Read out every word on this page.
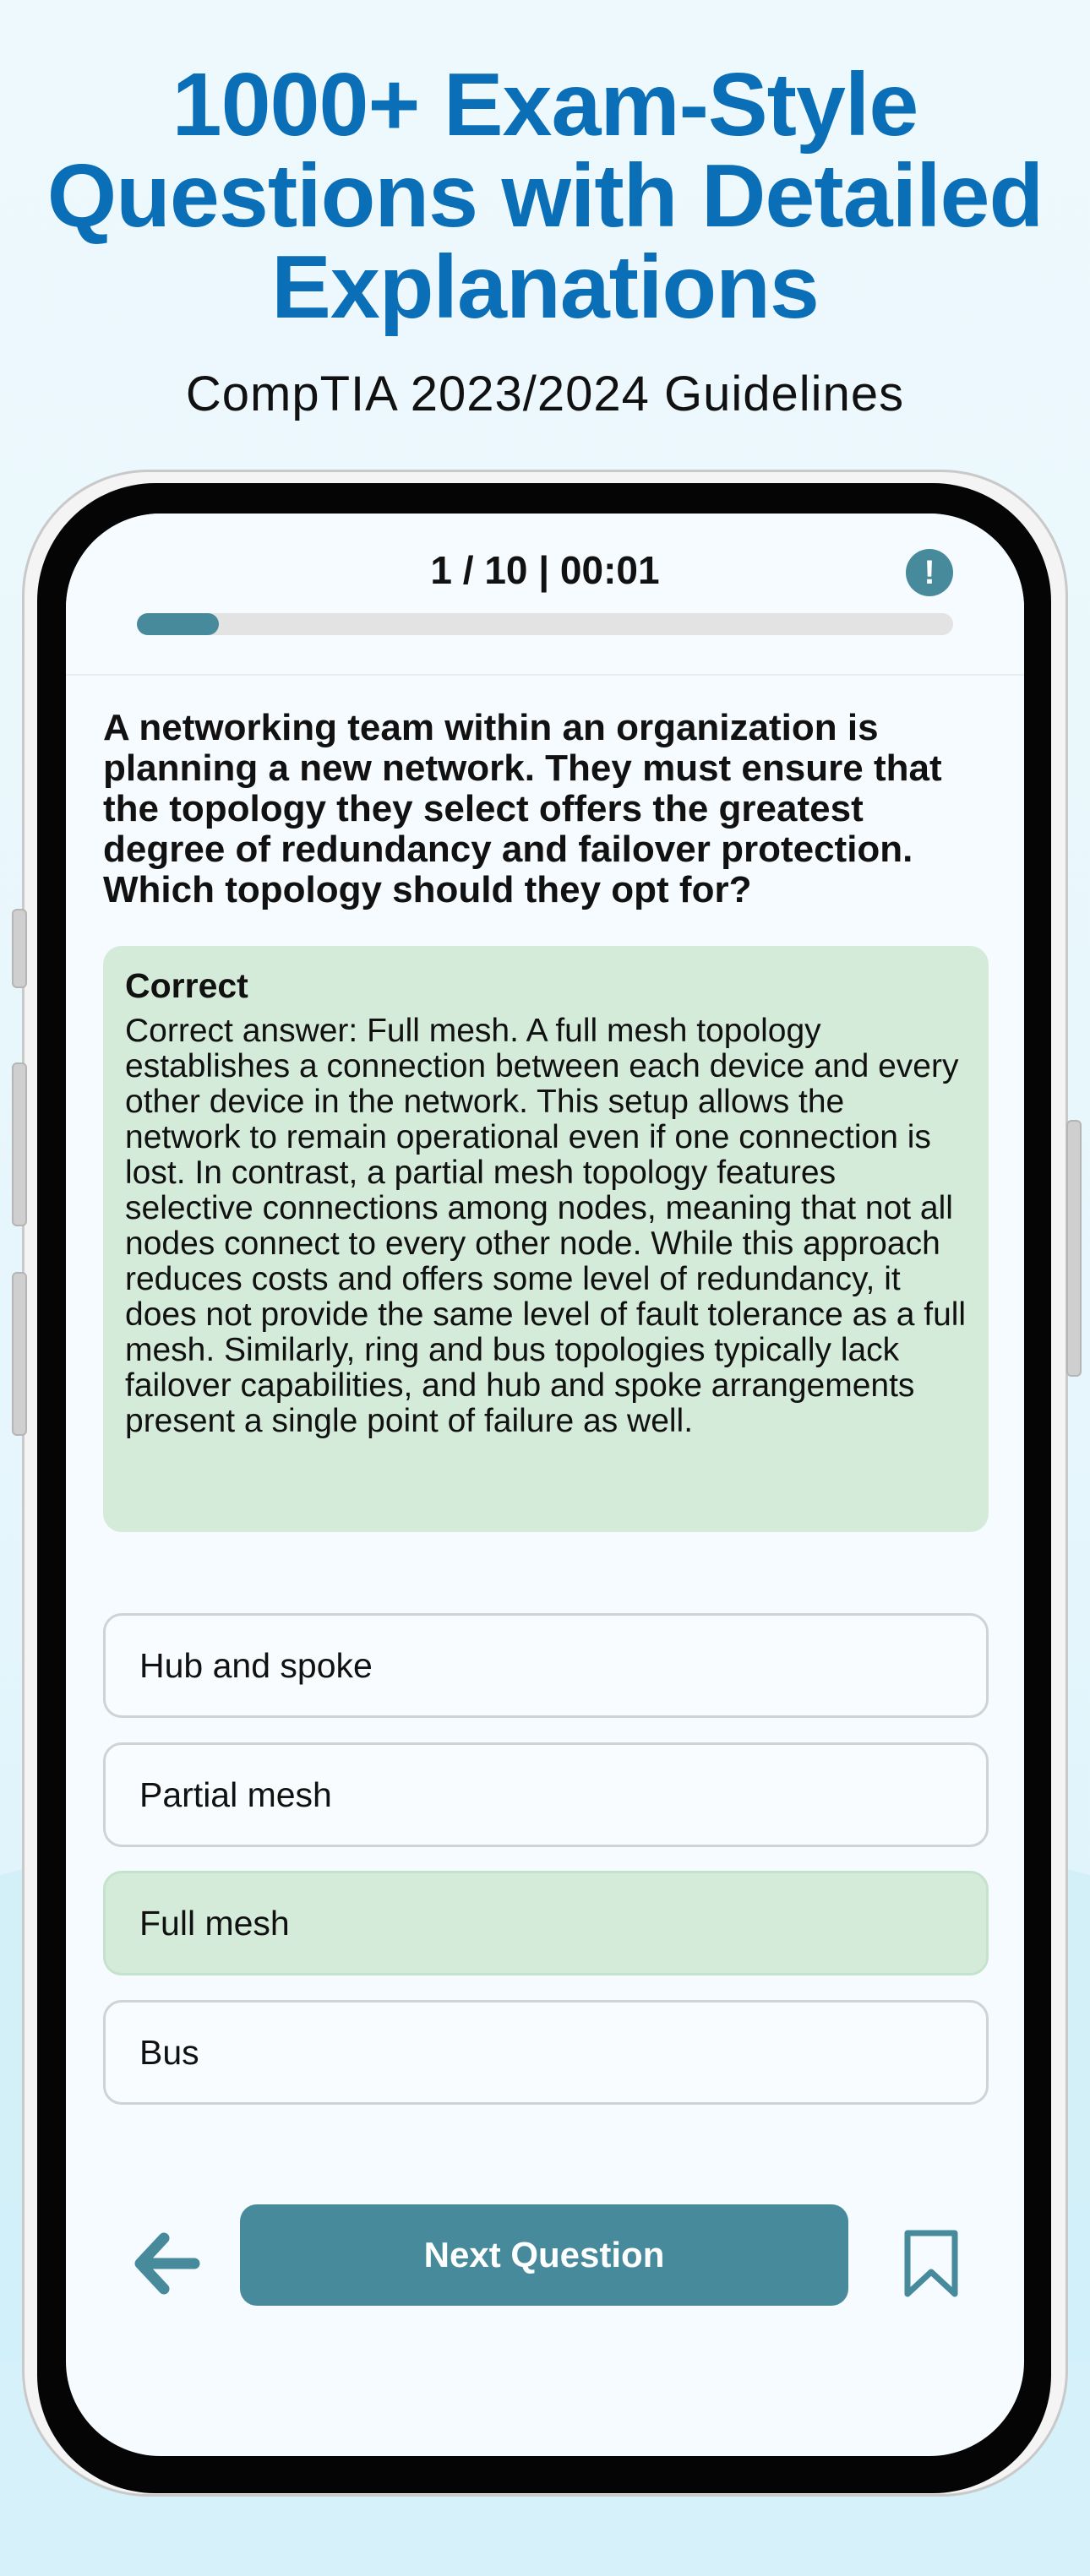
1000+ Exam-Style
Questions with Detailed
Explanations
CompTIA 2023/2024 Guidelines
1 / 10 | 00:01	!
A networking team within an organization is planning a new network. They must ensure that the topology they select offers the greatest degree of redundancy and failover protection. Which topology should they opt for?
Correct
Correct answer: Full mesh. A full mesh topology establishes a connection between each device and every other device in the network. This setup allows the network to remain operational even if one connection is lost. In contrast, a partial mesh topology features selective connections among nodes, meaning that not all nodes connect to every other node. While this approach reduces costs and offers some level of redundancy, it does not provide the same level of fault tolerance as a full mesh. Similarly, ring and bus topologies typically lack failover capabilities, and hub and spoke arrangements present a single point of failure as well.
Hub and spoke
Partial mesh
Full mesh
Bus
Next Question
